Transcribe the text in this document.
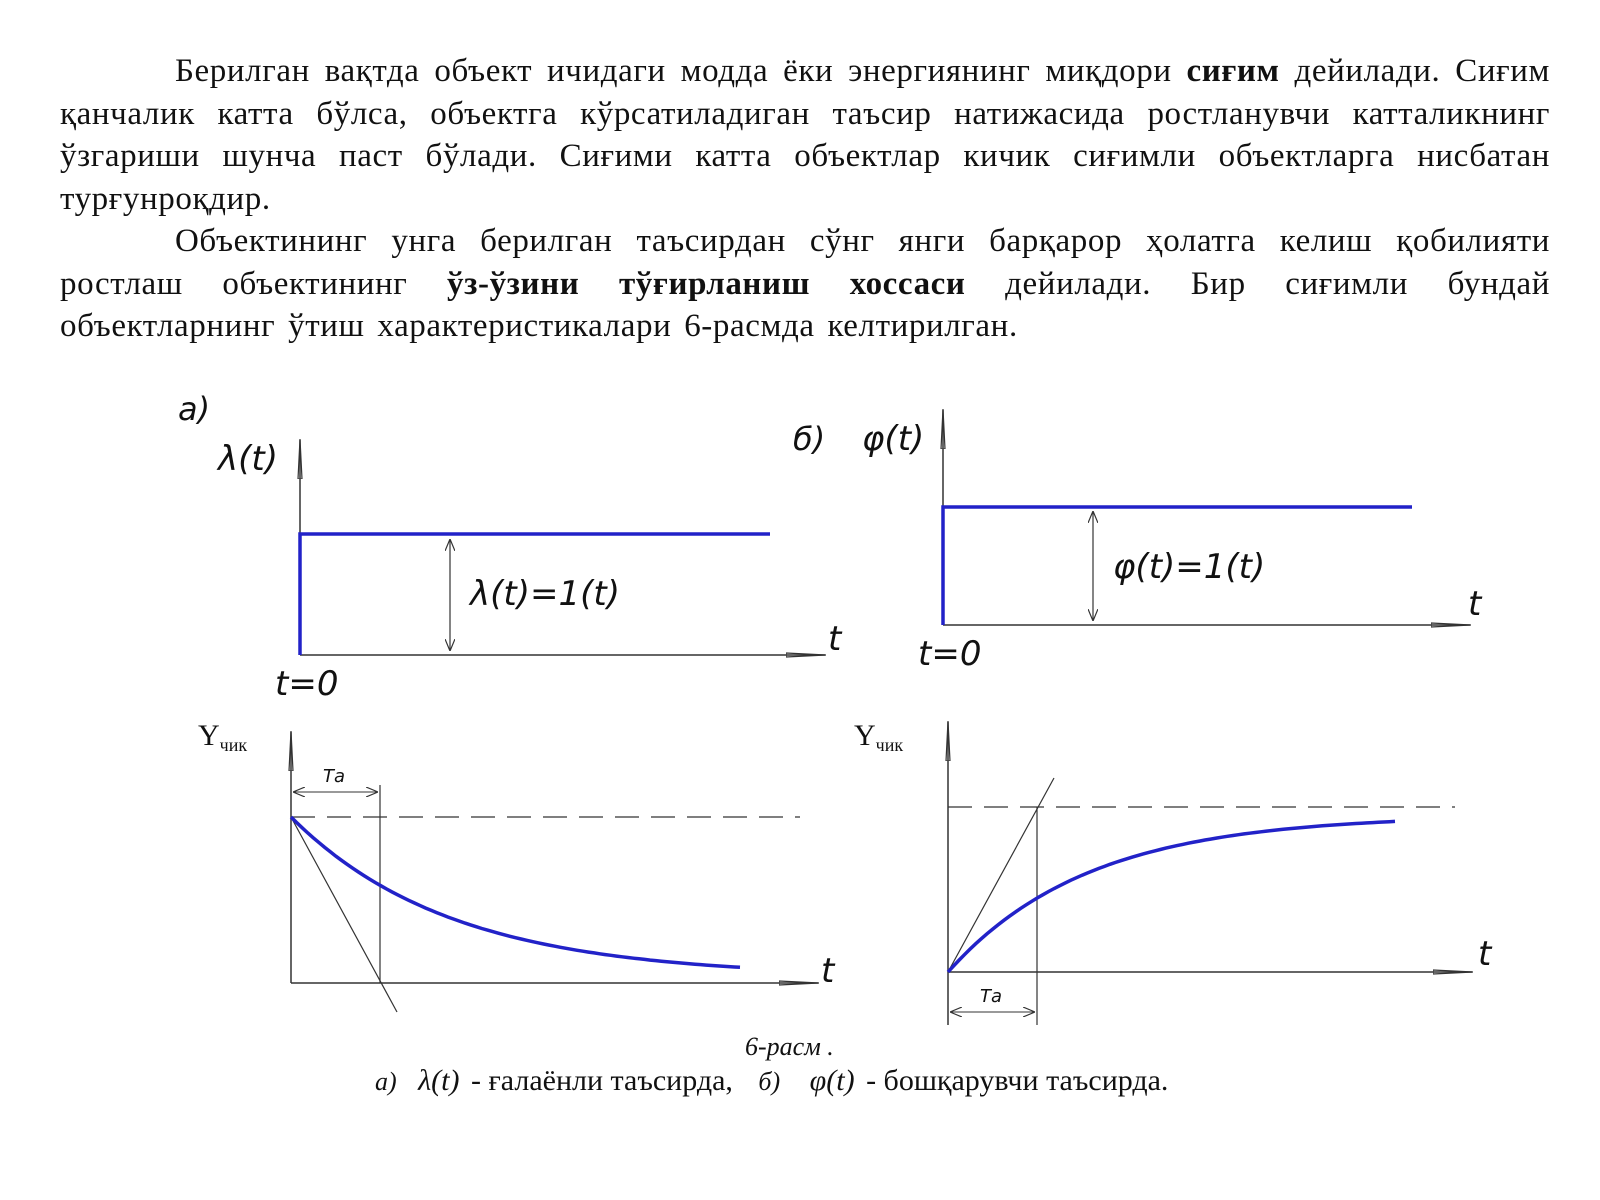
Берилган вақтда объект ичидаги модда ёки энергиянинг миқдори сиғим дейилади. Сиғим қанчалик катта бўлса, объектга кўрсатиладиган таъсир натижасида ростланувчи катталикнинг ўзгариши шунча паст бўлади. Сиғими катта объектлар кичик сиғимли объектларга нисбатан турғунроқдир.

Объектининг унга берилган таъсирдан сўнг янги барқарор ҳолатга келиш қобилияти ростлаш объектининг ўз-ўзини тўғирланиш хоссаси дейилади. Бир сиғимли бундай объектларнинг ўтиш характеристикалари 6-расмда келтирилган.

а)
λ(t)
t
λ(t)=1(t)
t=0
б) φ(t)
t
φ(t)=1(t)
t=0
$Y_{чик}$
t
Tа
$Y_{чик}$
t
Tа
6-расм .
а) λ(t) - ғалаёнли таъсирда, б) φ(t) - бошқарувчи таъсирда.
